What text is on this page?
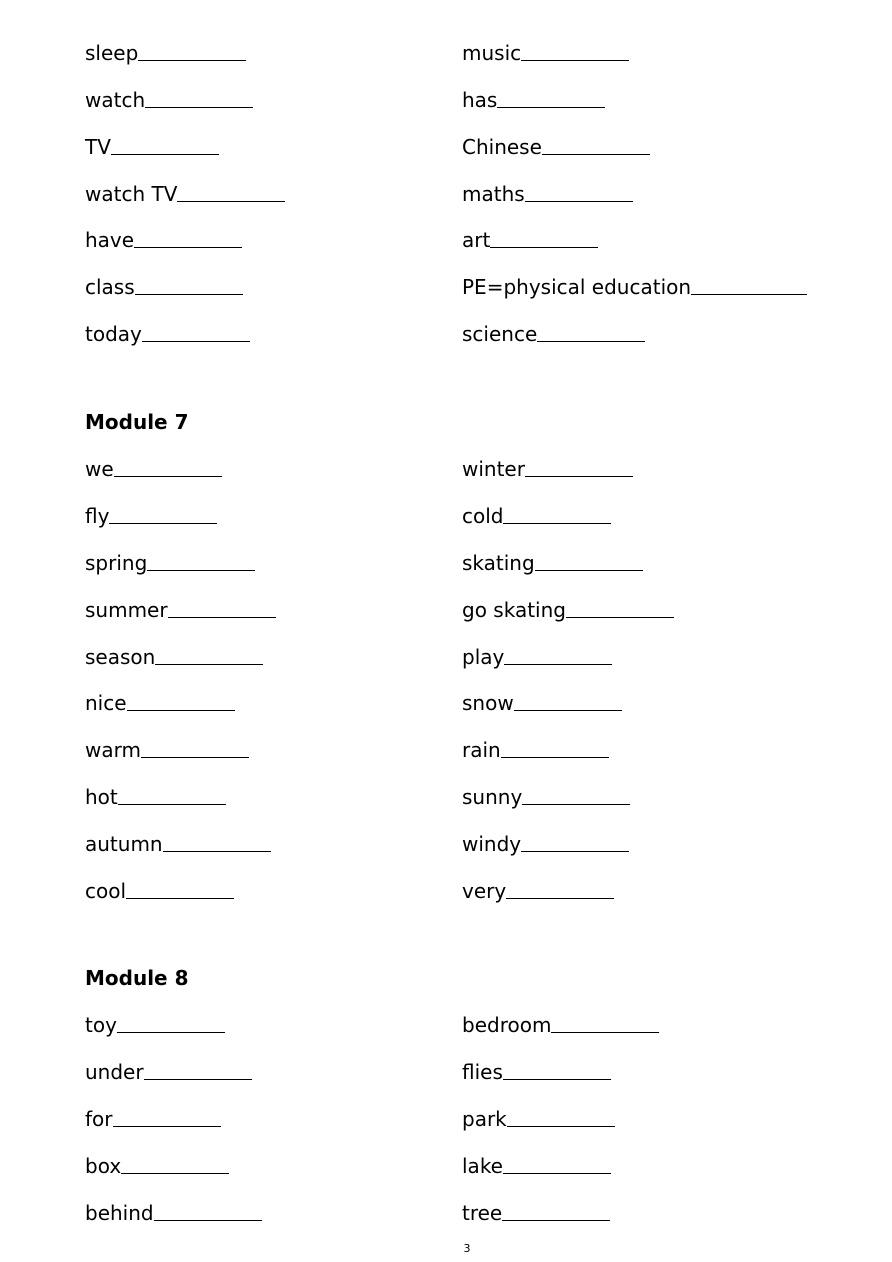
sleep	music
watch	has
TV	Chinese
watch TV	maths
have	art
class	PE=physical education
today	science
Module 7
we	winter
fly	cold
spring	skating
summer	go skating
season	play
nice	snow
warm	rain
hot	sunny
autumn	windy
cool	very
Module 8
toy	bedroom
under	flies
for	park
box	lake
behind	tree
3
